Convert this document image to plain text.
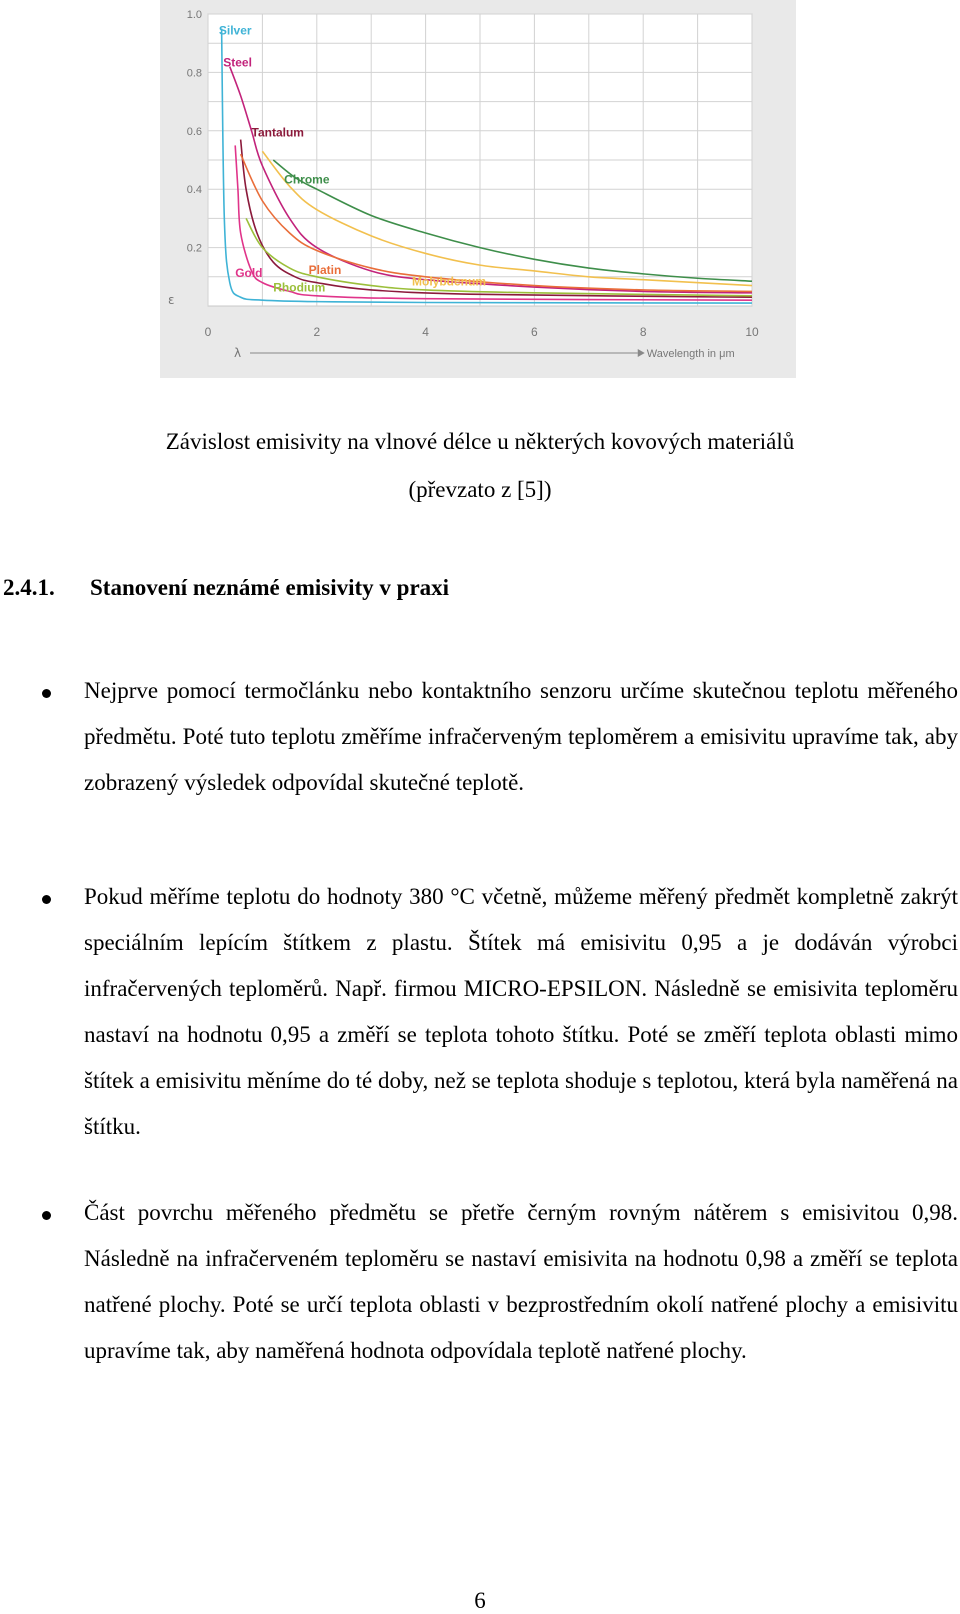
0.2
0.4
0.6
0.8
1.0
0	2	4	6	8	10
ε
λ	Wavelength in μm
Silver
Steel
Tantalum
Gold	Platin
Rhodium	Molybdenum
Chrome
Závislost emisivity na vlnové délce u některých kovových materiálů
(převzato z [5])
2.4.1. Stanovení neznámé emisivity v praxi
Nejprve pomocí termočlánku nebo kontaktního senzoru určíme skutečnou teplotu měřeného předmětu. Poté tuto teplotu změříme infračerveným teploměrem a emisivitu upravíme tak, aby zobrazený výsledek odpovídal skutečné teplotě.
Pokud měříme teplotu do hodnoty 380 °C včetně, můžeme měřený předmět kompletně zakrýt speciálním lepícím štítkem z plastu. Štítek má emisivitu 0,95 a je dodáván výrobci infračervených teploměrů. Např. firmou MICRO-EPSILON. Následně se emisivita teploměru nastaví na hodnotu 0,95 a změří se teplota tohoto štítku. Poté se změří teplota oblasti mimo štítek a emisivitu měníme do té doby, než se teplota shoduje s teplotou, která byla naměřená na štítku.
Část povrchu měřeného předmětu se přetře černým rovným nátěrem s emisivitou 0,98. Následně na infračerveném teploměru se nastaví emisivita na hodnotu 0,98 a změří se teplota natřené plochy. Poté se určí teplota oblasti v bezprostředním okolí natřené plochy a emisivitu upravíme tak, aby naměřená hodnota odpovídala teplotě natřené plochy.
6
